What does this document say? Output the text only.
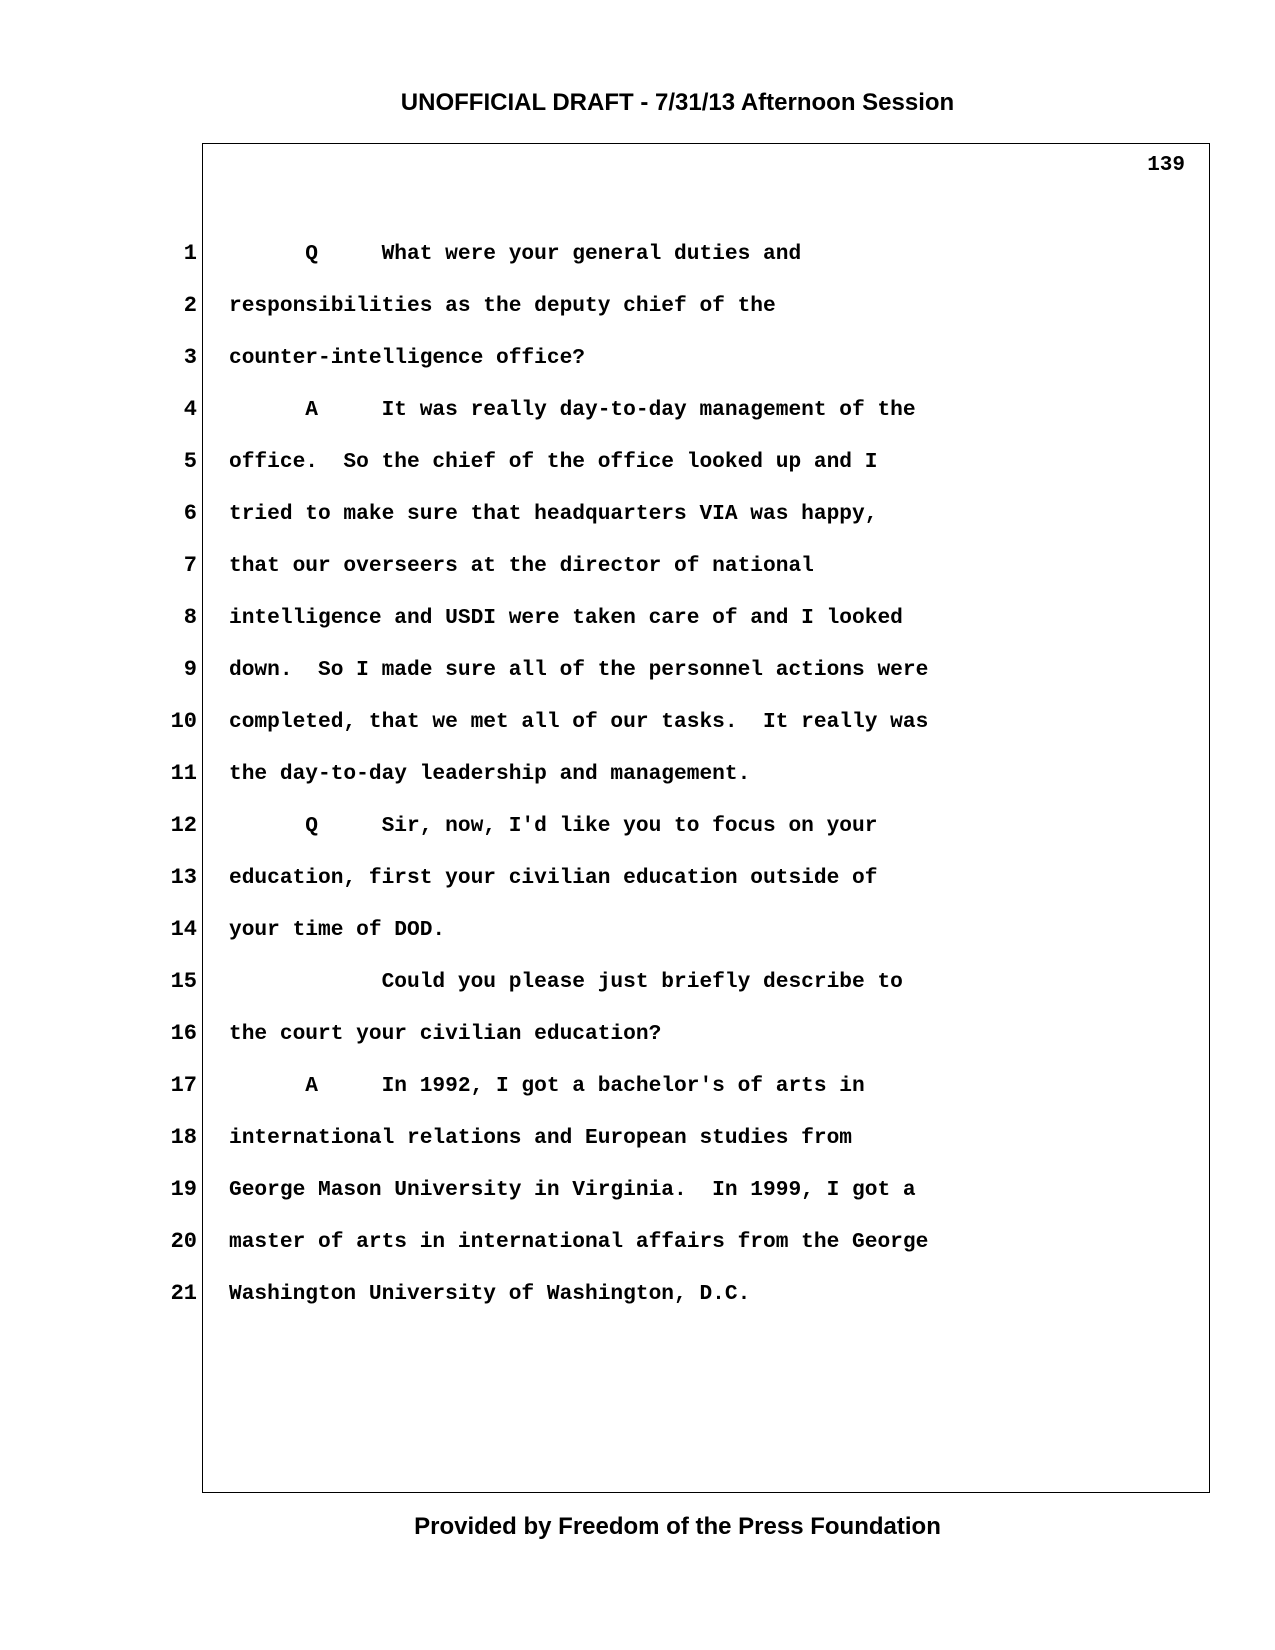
UNOFFICIAL DRAFT - 7/31/13 Afternoon Session
139
1
2
3
4
5
6
7
8
9
10
11
12
13
14
15
16
17
18
19
20
21
Q     What were your general duties and
responsibilities as the deputy chief of the
counter-intelligence office?
A     It was really day-to-day management of the
office.  So the chief of the office looked up and I
tried to make sure that headquarters VIA was happy,
that our overseers at the director of national
intelligence and USDI were taken care of and I looked
down.  So I made sure all of the personnel actions were
completed, that we met all of our tasks.  It really was
the day-to-day leadership and management.
Q     Sir, now, I'd like you to focus on your
education, first your civilian education outside of
your time of DOD.
Could you please just briefly describe to
the court your civilian education?
A     In 1992, I got a bachelor's of arts in
international relations and European studies from
George Mason University in Virginia.  In 1999, I got a
master of arts in international affairs from the George
Washington University of Washington, D.C.
Provided by Freedom of the Press Foundation
